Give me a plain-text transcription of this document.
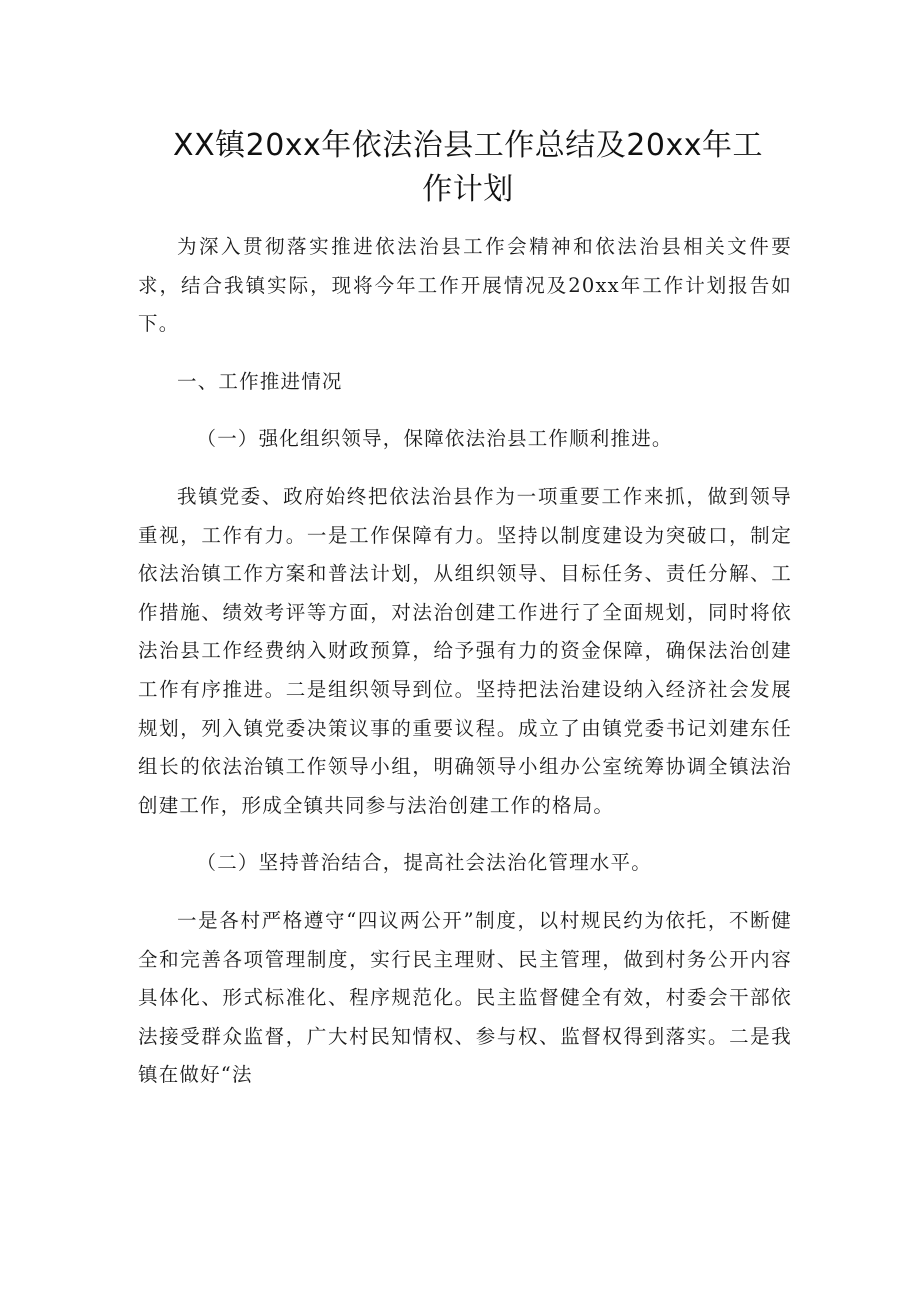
XX镇20xx年依法治县工作总结及20xx年工
作计划

为深入贯彻落实推进依法治县工作会精神和依法治县相关文件要求，结合我镇实际，现将今年工作开展情况及20xx年工作计划报告如下。

一、工作推进情况

（一）强化组织领导，保障依法治县工作顺利推进。

我镇党委、政府始终把依法治县作为一项重要工作来抓，做到领导重视，工作有力。一是工作保障有力。坚持以制度建设为突破口，制定依法治镇工作方案和普法计划，从组织领导、目标任务、责任分解、工作措施、绩效考评等方面，对法治创建工作进行了全面规划，同时将依法治县工作经费纳入财政预算，给予强有力的资金保障，确保法治创建工作有序推进。二是组织领导到位。坚持把法治建设纳入经济社会发展规划，列入镇党委决策议事的重要议程。成立了由镇党委书记刘建东任组长的依法治镇工作领导小组，明确领导小组办公室统筹协调全镇法治创建工作，形成全镇共同参与法治创建工作的格局。

（二）坚持普治结合，提高社会法治化管理水平。

一是各村严格遵守“四议两公开”制度，以村规民约为依托，不断健全和完善各项管理制度，实行民主理财、民主管理，做到村务公开内容具体化、形式标准化、程序规范化。民主监督健全有效，村委会干部依法接受群众监督，广大村民知情权、参与权、监督权得到落实。二是我镇在做好“法
